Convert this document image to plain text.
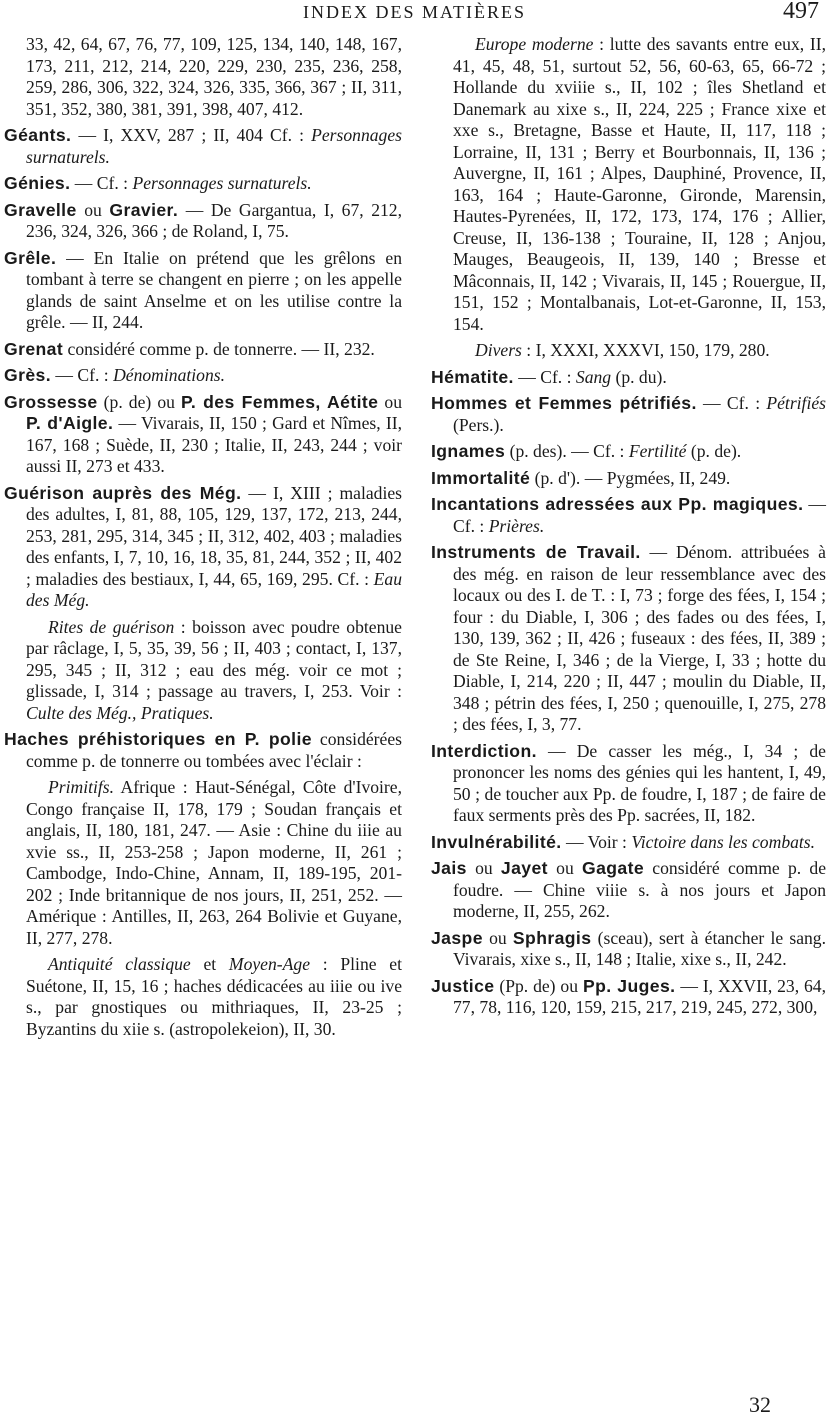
INDEX DES MATIÈRES	497

33, 42, 64, 67, 76, 77, 109, 125, 134, 140, 148, 167, 173, 211, 212, 214, 220, 229, 230, 235, 236, 258, 259, 286, 306, 322, 324, 326, 335, 366, 367 ; II, 311, 351, 352, 380, 381, 391, 398, 407, 412.

Géants. — I, XXV, 287 ; II, 404 Cf. : Personnages surnaturels.

Génies. — Cf. : Personnages surnaturels.

Gravelle ou Gravier. — De Gargantua, I, 67, 212, 236, 324, 326, 366 ; de Roland, I, 75.

Grêle. — En Italie on prétend que les grêlons en tombant à terre se changent en pierre ; on les appelle glands de saint Anselme et on les utilise contre la grêle. — II, 244.

Grenat considéré comme p. de tonnerre. — II, 232.

Grès. — Cf. : Dénominations.

Grossesse (p. de) ou P. des Femmes, Aétite ou P. d'Aigle. — Vivarais, II, 150 ; Gard et Nîmes, II, 167, 168 ; Suède, II, 230 ; Italie, II, 243, 244 ; voir aussi II, 273 et 433.

Guérison auprès des Még. — I, XIII ; maladies des adultes, I, 81, 88, 105, 129, 137, 172, 213, 244, 253, 281, 295, 314, 345 ; II, 312, 402, 403 ; maladies des enfants, I, 7, 10, 16, 18, 35, 81, 244, 352 ; II, 402 ; maladies des bestiaux, I, 44, 65, 169, 295. Cf. : Eau des Még.

Rites de guérison : boisson avec poudre obtenue par râclage, I, 5, 35, 39, 56 ; II, 403 ; contact, I, 137, 295, 345 ; II, 312 ; eau des még. voir ce mot ; glissade, I, 314 ; passage au travers, I, 253. Voir : Culte des Még., Pratiques.

Haches préhistoriques en P. polie considérées comme p. de tonnerre ou tombées avec l'éclair :

Primitifs. Afrique : Haut-Sénégal, Côte d'Ivoire, Congo française II, 178, 179 ; Soudan français et anglais, II, 180, 181, 247. — Asie : Chine du iiie au xvie ss., II, 253-258 ; Japon moderne, II, 261 ; Cambodge, Indo-Chine, Annam, II, 189-195, 201-202 ; Inde britannique de nos jours, II, 251, 252. — Amérique : Antilles, II, 263, 264 Bolivie et Guyane, II, 277, 278.

Antiquité classique et Moyen-Age : Pline et Suétone, II, 15, 16 ; haches dédicacées au iiie ou ive s., par gnostiques ou mithriaques, II, 23-25 ; Byzantins du xiie s. (astropolekeion), II, 30.

Europe moderne : lutte des savants entre eux, II, 41, 45, 48, 51, surtout 52, 56, 60-63, 65, 66-72 ; Hollande du xviiie s., II, 102 ; îles Shetland et Danemark au xixe s., II, 224, 225 ; France xixe et xxe s., Bretagne, Basse et Haute, II, 117, 118 ; Lorraine, II, 131 ; Berry et Bourbonnais, II, 136 ; Auvergne, II, 161 ; Alpes, Dauphiné, Provence, II, 163, 164 ; Haute-Garonne, Gironde, Marensin, Hautes-Pyrenées, II, 172, 173, 174, 176 ; Allier, Creuse, II, 136-138 ; Touraine, II, 128 ; Anjou, Mauges, Beaugeois, II, 139, 140 ; Bresse et Mâconnais, II, 142 ; Vivarais, II, 145 ; Rouergue, II, 151, 152 ; Montalbanais, Lot-et-Garonne, II, 153, 154.

Divers : I, XXXI, XXXVI, 150, 179, 280.

Hématite. — Cf. : Sang (p. du).

Hommes et Femmes pétrifiés. — Cf. : Pétrifiés (Pers.).

Ignames (p. des). — Cf. : Fertilité (p. de).

Immortalité (p. d'). — Pygmées, II, 249.

Incantations adressées aux Pp. magiques. — Cf. : Prières.

Instruments de Travail. — Dénom. attribuées à des még. en raison de leur ressemblance avec des locaux ou des I. de T. : I, 73 ; forge des fées, I, 154 ; four : du Diable, I, 306 ; des fades ou des fées, I, 130, 139, 362 ; II, 426 ; fuseaux : des fées, II, 389 ; de Ste Reine, I, 346 ; de la Vierge, I, 33 ; hotte du Diable, I, 214, 220 ; II, 447 ; moulin du Diable, II, 348 ; pétrin des fées, I, 250 ; quenouille, I, 275, 278 ; des fées, I, 3, 77.

Interdiction. — De casser les még., I, 34 ; de prononcer les noms des génies qui les hantent, I, 49, 50 ; de toucher aux Pp. de foudre, I, 187 ; de faire de faux serments près des Pp. sacrées, II, 182.

Invulnérabilité. — Voir : Victoire dans les combats.

Jais ou Jayet ou Gagate considéré comme p. de foudre. — Chine viiie s. à nos jours et Japon moderne, II, 255, 262.

Jaspe ou Sphragis (sceau), sert à étancher le sang. Vivarais, xixe s., II, 148 ; Italie, xixe s., II, 242.

Justice (Pp. de) ou Pp. Juges. — I, XXVII, 23, 64, 77, 78, 116, 120, 159, 215, 217, 219, 245, 272, 300,

32
